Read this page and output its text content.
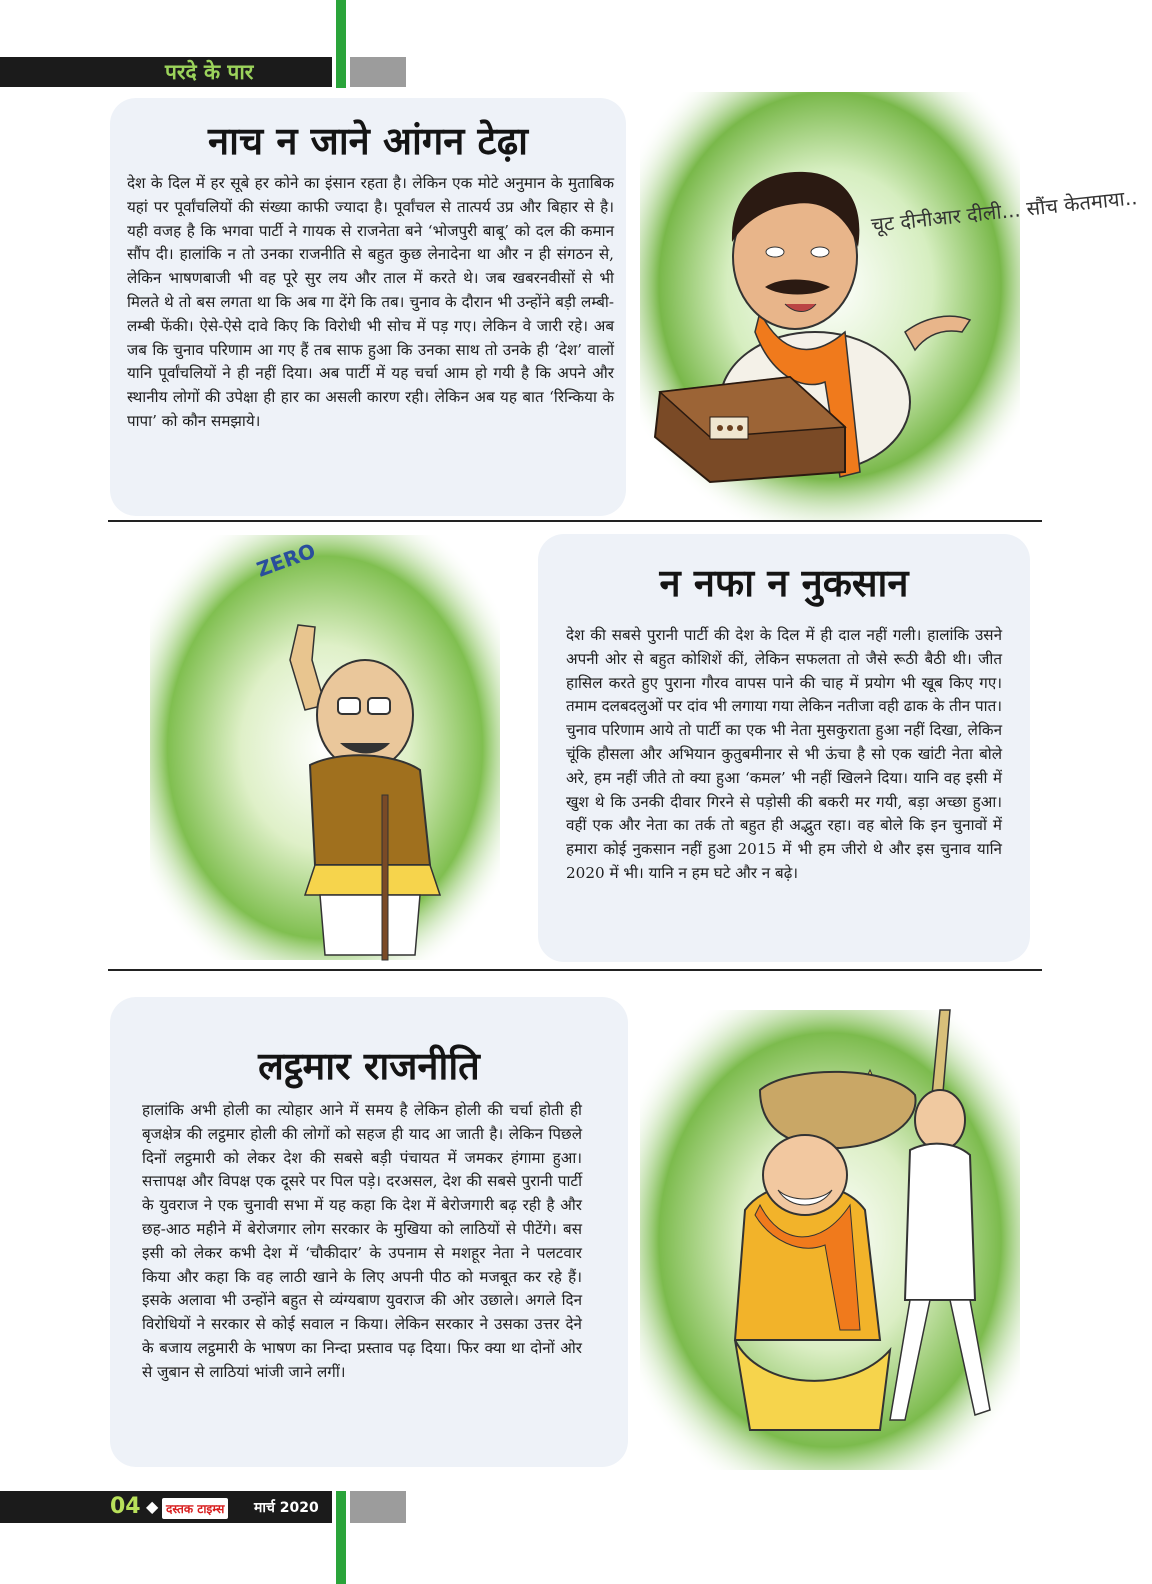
परदे के पार
नाच न जाने आंगन टेढ़ा
देश के दिल में हर सूबे हर कोने का इंसान रहता है। लेकिन एक मोटे अनुमान के मुताबिक यहां पर पूर्वांचलियों की संख्या काफी ज्यादा है। पूर्वांचल से तात्पर्य उप्र और बिहार से है। यही वजह है कि भगवा पार्टी ने गायक से राजनेता बने ‘भोजपुरी बाबू’ को दल की कमान सौंप दी। हालांकि न तो उनका राजनीति से बहुत कुछ लेनादेना था और न ही संगठन से, लेकिन भाषणबाजी भी वह पूरे सुर लय और ताल में करते थे। जब खबरनवीसों से भी मिलते थे तो बस लगता था कि अब गा देंगे कि तब। चुनाव के दौरान भी उन्होंने बड़ी लम्बी-लम्बी फेंकी। ऐसे-ऐसे दावे किए कि विरोधी भी सोच में पड़ गए। लेकिन वे जारी रहे। अब जब कि चुनाव परिणाम आ गए हैं तब साफ हुआ कि उनका साथ तो उनके ही ‘देश’ वालों यानि पूर्वांचलियों ने ही नहीं दिया। अब पार्टी में यह चर्चा आम हो गयी है कि अपने और स्थानीय लोगों की उपेक्षा ही हार का असली कारण रही। लेकिन अब यह बात ‘रिन्किया के पापा’ को कौन समझाये।
चूट दीनीआर दीली... सौंच केतमाया..
ZERO
न नफा न नुकसान
देश की सबसे पुरानी पार्टी की देश के दिल में ही दाल नहीं गली। हालांकि उसने अपनी ओर से बहुत कोशिशें कीं, लेकिन सफलता तो जैसे रूठी बैठी थी। जीत हासिल करते हुए पुराना गौरव वापस पाने की चाह में प्रयोग भी खूब किए गए। तमाम दलबदलुओं पर दांव भी लगाया गया लेकिन नतीजा वही ढाक के तीन पात। चुनाव परिणाम आये तो पार्टी का एक भी नेता मुसकुराता हुआ नहीं दिखा, लेकिन चूंकि हौसला और अभियान कुतुबमीनार से भी ऊंचा है सो एक खांटी नेता बोले अरे, हम नहीं जीते तो क्या हुआ ‘कमल’ भी नहीं खिलने दिया। यानि वह इसी में खुश थे कि उनकी दीवार गिरने से पड़ोसी की बकरी मर गयी, बड़ा अच्छा हुआ। वहीं एक और नेता का तर्क तो बहुत ही अद्भुत रहा। वह बोले कि इन चुनावों में हमारा कोई नुकसान नहीं हुआ 2015 में भी हम जीरो थे और इस चुनाव यानि 2020 में भी। यानि न हम घटे और न बढ़े।
लट्ठमार राजनीति
हालांकि अभी होली का त्योहार आने में समय है लेकिन होली की चर्चा होती ही बृजक्षेत्र की लट्ठमार होली की लोगों को सहज ही याद आ जाती है। लेकिन पिछले दिनों लट्ठमारी को लेकर देश की सबसे बड़ी पंचायत में जमकर हंगामा हुआ। सत्तापक्ष और विपक्ष एक दूसरे पर पिल पड़े। दरअसल, देश की सबसे पुरानी पार्टी के युवराज ने एक चुनावी सभा में यह कहा कि देश में बेरोजगारी बढ़ रही है और छह-आठ महीने में बेरोजगार लोग सरकार के मुखिया को लाठियों से पीटेंगे। बस इसी को लेकर कभी देश में ‘चौकीदार’ के उपनाम से मशहूर नेता ने पलटवार किया और कहा कि वह लाठी खाने के लिए अपनी पीठ को मजबूत कर रहे हैं। इसके अलावा भी उन्होंने बहुत से व्यंग्यबाण युवराज की ओर उछाले। अगले दिन विरोधियों ने सरकार से कोई सवाल न किया। लेकिन सरकार ने उसका उत्तर देने के बजाय लट्ठमारी के भाषण का निन्दा प्रस्ताव पढ़ दिया। फिर क्या था दोनों ओर से जुबान से लाठियां भांजी जाने लगीं।
04 ◆ दस्तक टाइम्स मार्च 2020
